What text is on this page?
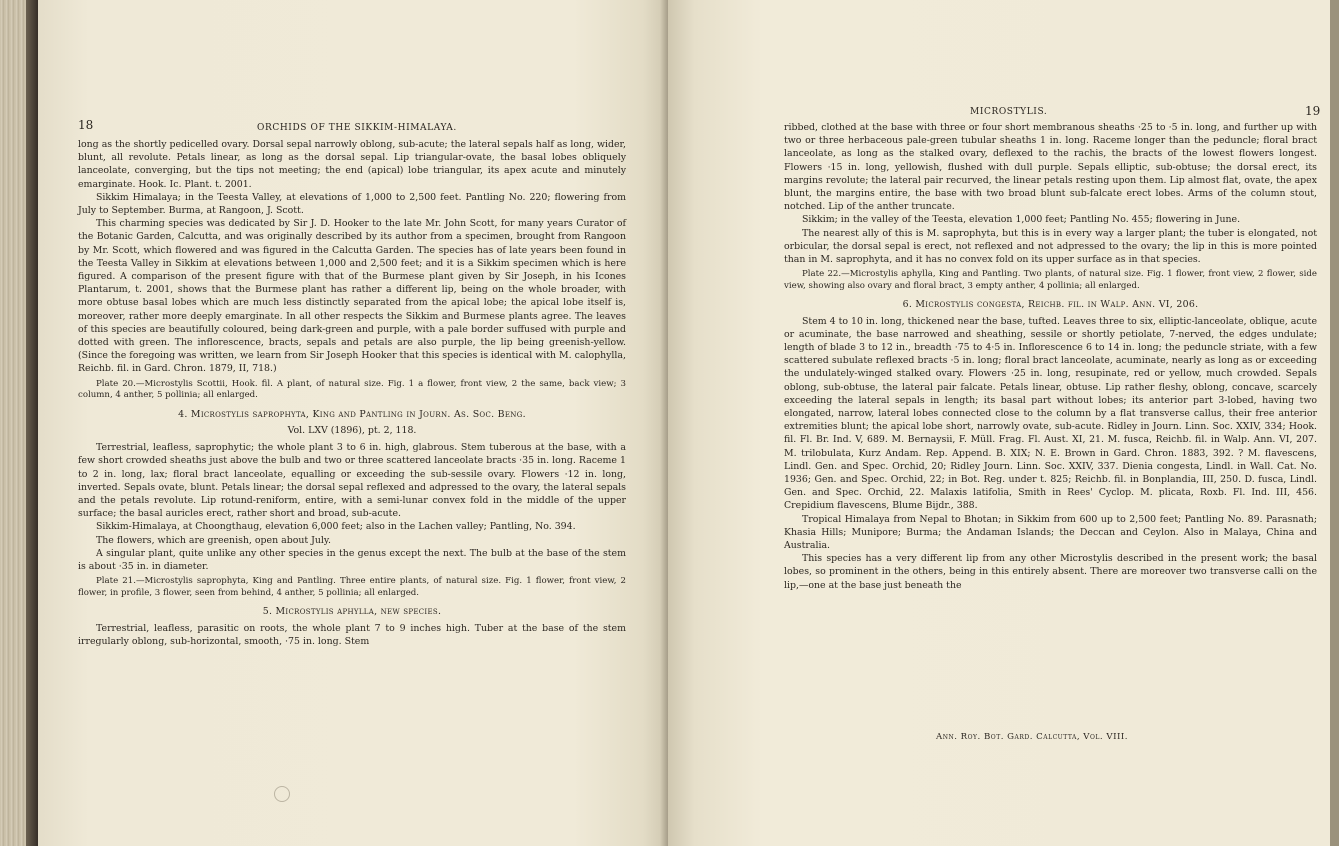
18	ORCHIDS OF THE SIKKIM-HIMALAYA.

long as the shortly pedicelled ovary. Dorsal sepal narrowly oblong, sub-acute; the lateral sepals half as long, wider, blunt, all revolute. Petals linear, as long as the dorsal sepal. Lip triangular-ovate, the basal lobes obliquely lanceolate, converging, but the tips not meeting; the end (apical) lobe triangular, its apex acute and minutely emarginate. Hook. Ic. Plant. t. 2001.

Sikkim Himalaya; in the Teesta Valley, at elevations of 1,000 to 2,500 feet. Pantling No. 220; flowering from July to September. Burma, at Rangoon, J. Scott.

This charming species was dedicated by Sir J. D. Hooker to the late Mr. John Scott, for many years Curator of the Botanic Garden, Calcutta, and was originally described by its author from a specimen, brought from Rangoon by Mr. Scott, which flowered and was figured in the Calcutta Garden. The species has of late years been found in the Teesta Valley in Sikkim at elevations between 1,000 and 2,500 feet; and it is a Sikkim specimen which is here figured. A comparison of the present figure with that of the Burmese plant given by Sir Joseph, in his Icones Plantarum, t. 2001, shows that the Burmese plant has rather a different lip, being on the whole broader, with more obtuse basal lobes which are much less distinctly separated from the apical lobe; the apical lobe itself is, moreover, rather more deeply emarginate. In all other respects the Sikkim and Burmese plants agree. The leaves of this species are beautifully coloured, being dark-green and purple, with a pale border suffused with purple and dotted with green. The inflorescence, bracts, sepals and petals are also purple, the lip being greenish-yellow. (Since the foregoing was written, we learn from Sir Joseph Hooker that this species is identical with M. calophylla, Reichb. fil. in Gard. Chron. 1879, II, 718.)

Plate 20.—Microstylis Scottii, Hook. fil. A plant, of natural size. Fig. 1 a flower, front view, 2 the same, back view; 3 column, 4 anther, 5 pollinia; all enlarged.

4. Microstylis saprophyta, King and Pantling in Journ. As. Soc. Beng.

Vol. LXV (1896), pt. 2, 118.

Terrestrial, leafless, saprophytic; the whole plant 3 to 6 in. high, glabrous. Stem tuberous at the base, with a few short crowded sheaths just above the bulb and two or three scattered lanceolate bracts ·35 in. long. Raceme 1 to 2 in. long, lax; floral bract lanceolate, equalling or exceeding the sub-sessile ovary. Flowers ·12 in. long, inverted. Sepals ovate, blunt. Petals linear; the dorsal sepal reflexed and adpressed to the ovary, the lateral sepals and the petals revolute. Lip rotund-reniform, entire, with a semi-lunar convex fold in the middle of the upper surface; the basal auricles erect, rather short and broad, sub-acute.

Sikkim-Himalaya, at Choongthaug, elevation 6,000 feet; also in the Lachen valley; Pantling, No. 394.

The flowers, which are greenish, open about July.

A singular plant, quite unlike any other species in the genus except the next. The bulb at the base of the stem is about ·35 in. in diameter.

Plate 21.—Microstylis saprophyta, King and Pantling. Three entire plants, of natural size. Fig. 1 flower, front view, 2 flower, in profile, 3 flower, seen from behind, 4 anther, 5 pollinia; all enlarged.

5. Microstylis aphylla, new species.

Terrestrial, leafless, parasitic on roots, the whole plant 7 to 9 inches high. Tuber at the base of the stem irregularly oblong, sub-horizontal, smooth, ·75 in. long. Stem

MICROSTYLIS.	19

ribbed, clothed at the base with three or four short membranous sheaths ·25 to ·5 in. long, and further up with two or three herbaceous pale-green tubular sheaths 1 in. long. Raceme longer than the peduncle; floral bract lanceolate, as long as the stalked ovary, deflexed to the rachis, the bracts of the lowest flowers longest. Flowers ·15 in. long, yellowish, flushed with dull purple. Sepals elliptic, sub-obtuse; the dorsal erect, its margins revolute; the lateral pair recurved, the linear petals resting upon them. Lip almost flat, ovate, the apex blunt, the margins entire, the base with two broad blunt sub-falcate erect lobes. Arms of the column stout, notched. Lip of the anther truncate.

Sikkim; in the valley of the Teesta, elevation 1,000 feet; Pantling No. 455; flowering in June.

The nearest ally of this is M. saprophyta, but this is in every way a larger plant; the tuber is elongated, not orbicular, the dorsal sepal is erect, not reflexed and not adpressed to the ovary; the lip in this is more pointed than in M. saprophyta, and it has no convex fold on its upper surface as in that species.

Plate 22.—Microstylis aphylla, King and Pantling. Two plants, of natural size. Fig. 1 flower, front view, 2 flower, side view, showing also ovary and floral bract, 3 empty anther, 4 pollinia; all enlarged.

6. Microstylis congesta, Reichb. fil. in Walp. Ann. VI, 206.

Stem 4 to 10 in. long, thickened near the base, tufted. Leaves three to six, elliptic-lanceolate, oblique, acute or acuminate, the base narrowed and sheathing, sessile or shortly petiolate, 7-nerved, the edges undulate; length of blade 3 to 12 in., breadth ·75 to 4·5 in. Inflorescence 6 to 14 in. long; the peduncle striate, with a few scattered subulate reflexed bracts ·5 in. long; floral bract lanceolate, acuminate, nearly as long as or exceeding the undulately-winged stalked ovary. Flowers ·25 in. long, resupinate, red or yellow, much crowded. Sepals oblong, sub-obtuse, the lateral pair falcate. Petals linear, obtuse. Lip rather fleshy, oblong, concave, scarcely exceeding the lateral sepals in length; its basal part without lobes; its anterior part 3-lobed, having two elongated, narrow, lateral lobes connected close to the column by a flat transverse callus, their free anterior extremities blunt; the apical lobe short, narrowly ovate, sub-acute. Ridley in Journ. Linn. Soc. XXIV, 334; Hook. fil. Fl. Br. Ind. V, 689. M. Bernaysii, F. Müll. Frag. Fl. Aust. XI, 21. M. fusca, Reichb. fil. in Walp. Ann. VI, 207. M. trilobulata, Kurz Andam. Rep. Append. B. XIX; N. E. Brown in Gard. Chron. 1883, 392. ? M. flavescens, Lindl. Gen. and Spec. Orchid, 20; Ridley Journ. Linn. Soc. XXIV, 337. Dienia congesta, Lindl. in Wall. Cat. No. 1936; Gen. and Spec. Orchid, 22; in Bot. Reg. under t. 825; Reichb. fil. in Bonplandia, III, 250. D. fusca, Lindl. Gen. and Spec. Orchid, 22. Malaxis latifolia, Smith in Rees' Cyclop. M. plicata, Roxb. Fl. Ind. III, 456. Crepidium flavescens, Blume Bijdr., 388.

Tropical Himalaya from Nepal to Bhotan; in Sikkim from 600 up to 2,500 feet; Pantling No. 89. Parasnath; Khasia Hills; Munipore; Burma; the Andaman Islands; the Deccan and Ceylon. Also in Malaya, China and Australia.

This species has a very different lip from any other Microstylis described in the present work; the basal lobes, so prominent in the others, being in this entirely absent. There are moreover two transverse calli on the lip,—one at the base just beneath the

Ann. Roy. Bot. Gard. Calcutta, Vol. VIII.
